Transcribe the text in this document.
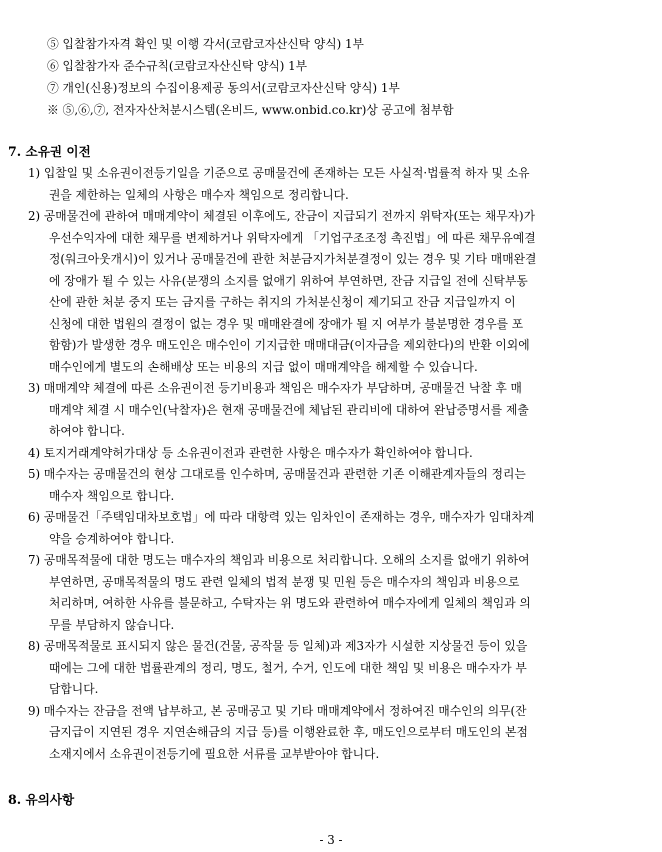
⑤ 입찰참가자격 확인 및 이행 각서(코람코자산신탁 양식) 1부
⑥ 입찰참가자 준수규칙(코람코자산신탁 양식) 1부
⑦ 개인(신용)정보의 수집이용제공 동의서(코람코자산신탁 양식) 1부
※ ⑤,⑥,⑦, 전자자산처분시스템(온비드, www.onbid.co.kr)상 공고에 첨부함
7. 소유권 이전
1) 입찰일 및 소유권이전등기일을 기준으로 공매물건에 존재하는 모든 사실적·법률적 하자 및 소유
권을 제한하는 일체의 사항은 매수자 책임으로 정리합니다.
2) 공매물건에 관하여 매매계약이 체결된 이후에도, 잔금이 지급되기 전까지 위탁자(또는 채무자)가
우선수익자에 대한 채무를 변제하거나 위탁자에게 「기업구조조정 촉진법」에 따른 채무유예결
정(워크아웃개시)이 있거나 공매물건에 관한 처분금지가처분결정이 있는 경우 및 기타 매매완결
에 장애가 될 수 있는 사유(분쟁의 소지를 없애기 위하여 부연하면, 잔금 지급일 전에 신탁부동
산에 관한 처분 중지 또는 금지를 구하는 취지의 가처분신청이 제기되고 잔금 지급일까지 이
신청에 대한 법원의 결정이 없는 경우 및 매매완결에 장애가 될 지 여부가 불분명한 경우를 포
함함)가 발생한 경우 매도인은 매수인이 기지급한 매매대금(이자금을 제외한다)의 반환 이외에
매수인에게 별도의 손해배상 또는 비용의 지급 없이 매매계약을 해제할 수 있습니다.
3) 매매계약 체결에 따른 소유권이전 등기비용과 책임은 매수자가 부담하며, 공매물건 낙찰 후 매
매계약 체결 시 매수인(낙찰자)은 현재 공매물건에 체납된 관리비에 대하여 완납증명서를 제출
하여야 합니다.
4) 토지거래계약허가대상 등 소유권이전과 관련한 사항은 매수자가 확인하여야 합니다.
5) 매수자는 공매물건의 현상 그대로를 인수하며, 공매물건과 관련한 기존 이해관계자들의 정리는
매수자 책임으로 합니다.
6) 공매물건「주택임대차보호법」에 따라 대항력 있는 임차인이 존재하는 경우, 매수자가 임대차계
약을 승계하여야 합니다.
7) 공매목적물에 대한 명도는 매수자의 책임과 비용으로 처리합니다. 오해의 소지를 없애기 위하여
부연하면, 공매목적물의 명도 관련 일체의 법적 분쟁 및 민원 등은 매수자의 책임과 비용으로
처리하며, 여하한 사유를 불문하고, 수탁자는 위 명도와 관련하여 매수자에게 일체의 책임과 의
무를 부담하지 않습니다.
8) 공매목적물로 표시되지 않은 물건(건물, 공작물 등 일체)과 제3자가 시설한 지상물건 등이 있을
때에는 그에 대한 법률관계의 정리, 명도, 철거, 수거, 인도에 대한 책임 및 비용은 매수자가 부
담합니다.
9) 매수자는 잔금을 전액 납부하고, 본 공매공고 및 기타 매매계약에서 정하여진 매수인의 의무(잔
금지급이 지연된 경우 지연손해금의 지급 등)를 이행완료한 후, 매도인으로부터 매도인의 본점
소재지에서 소유권이전등기에 필요한 서류를 교부받아야 합니다.
8. 유의사항
- 3 -
